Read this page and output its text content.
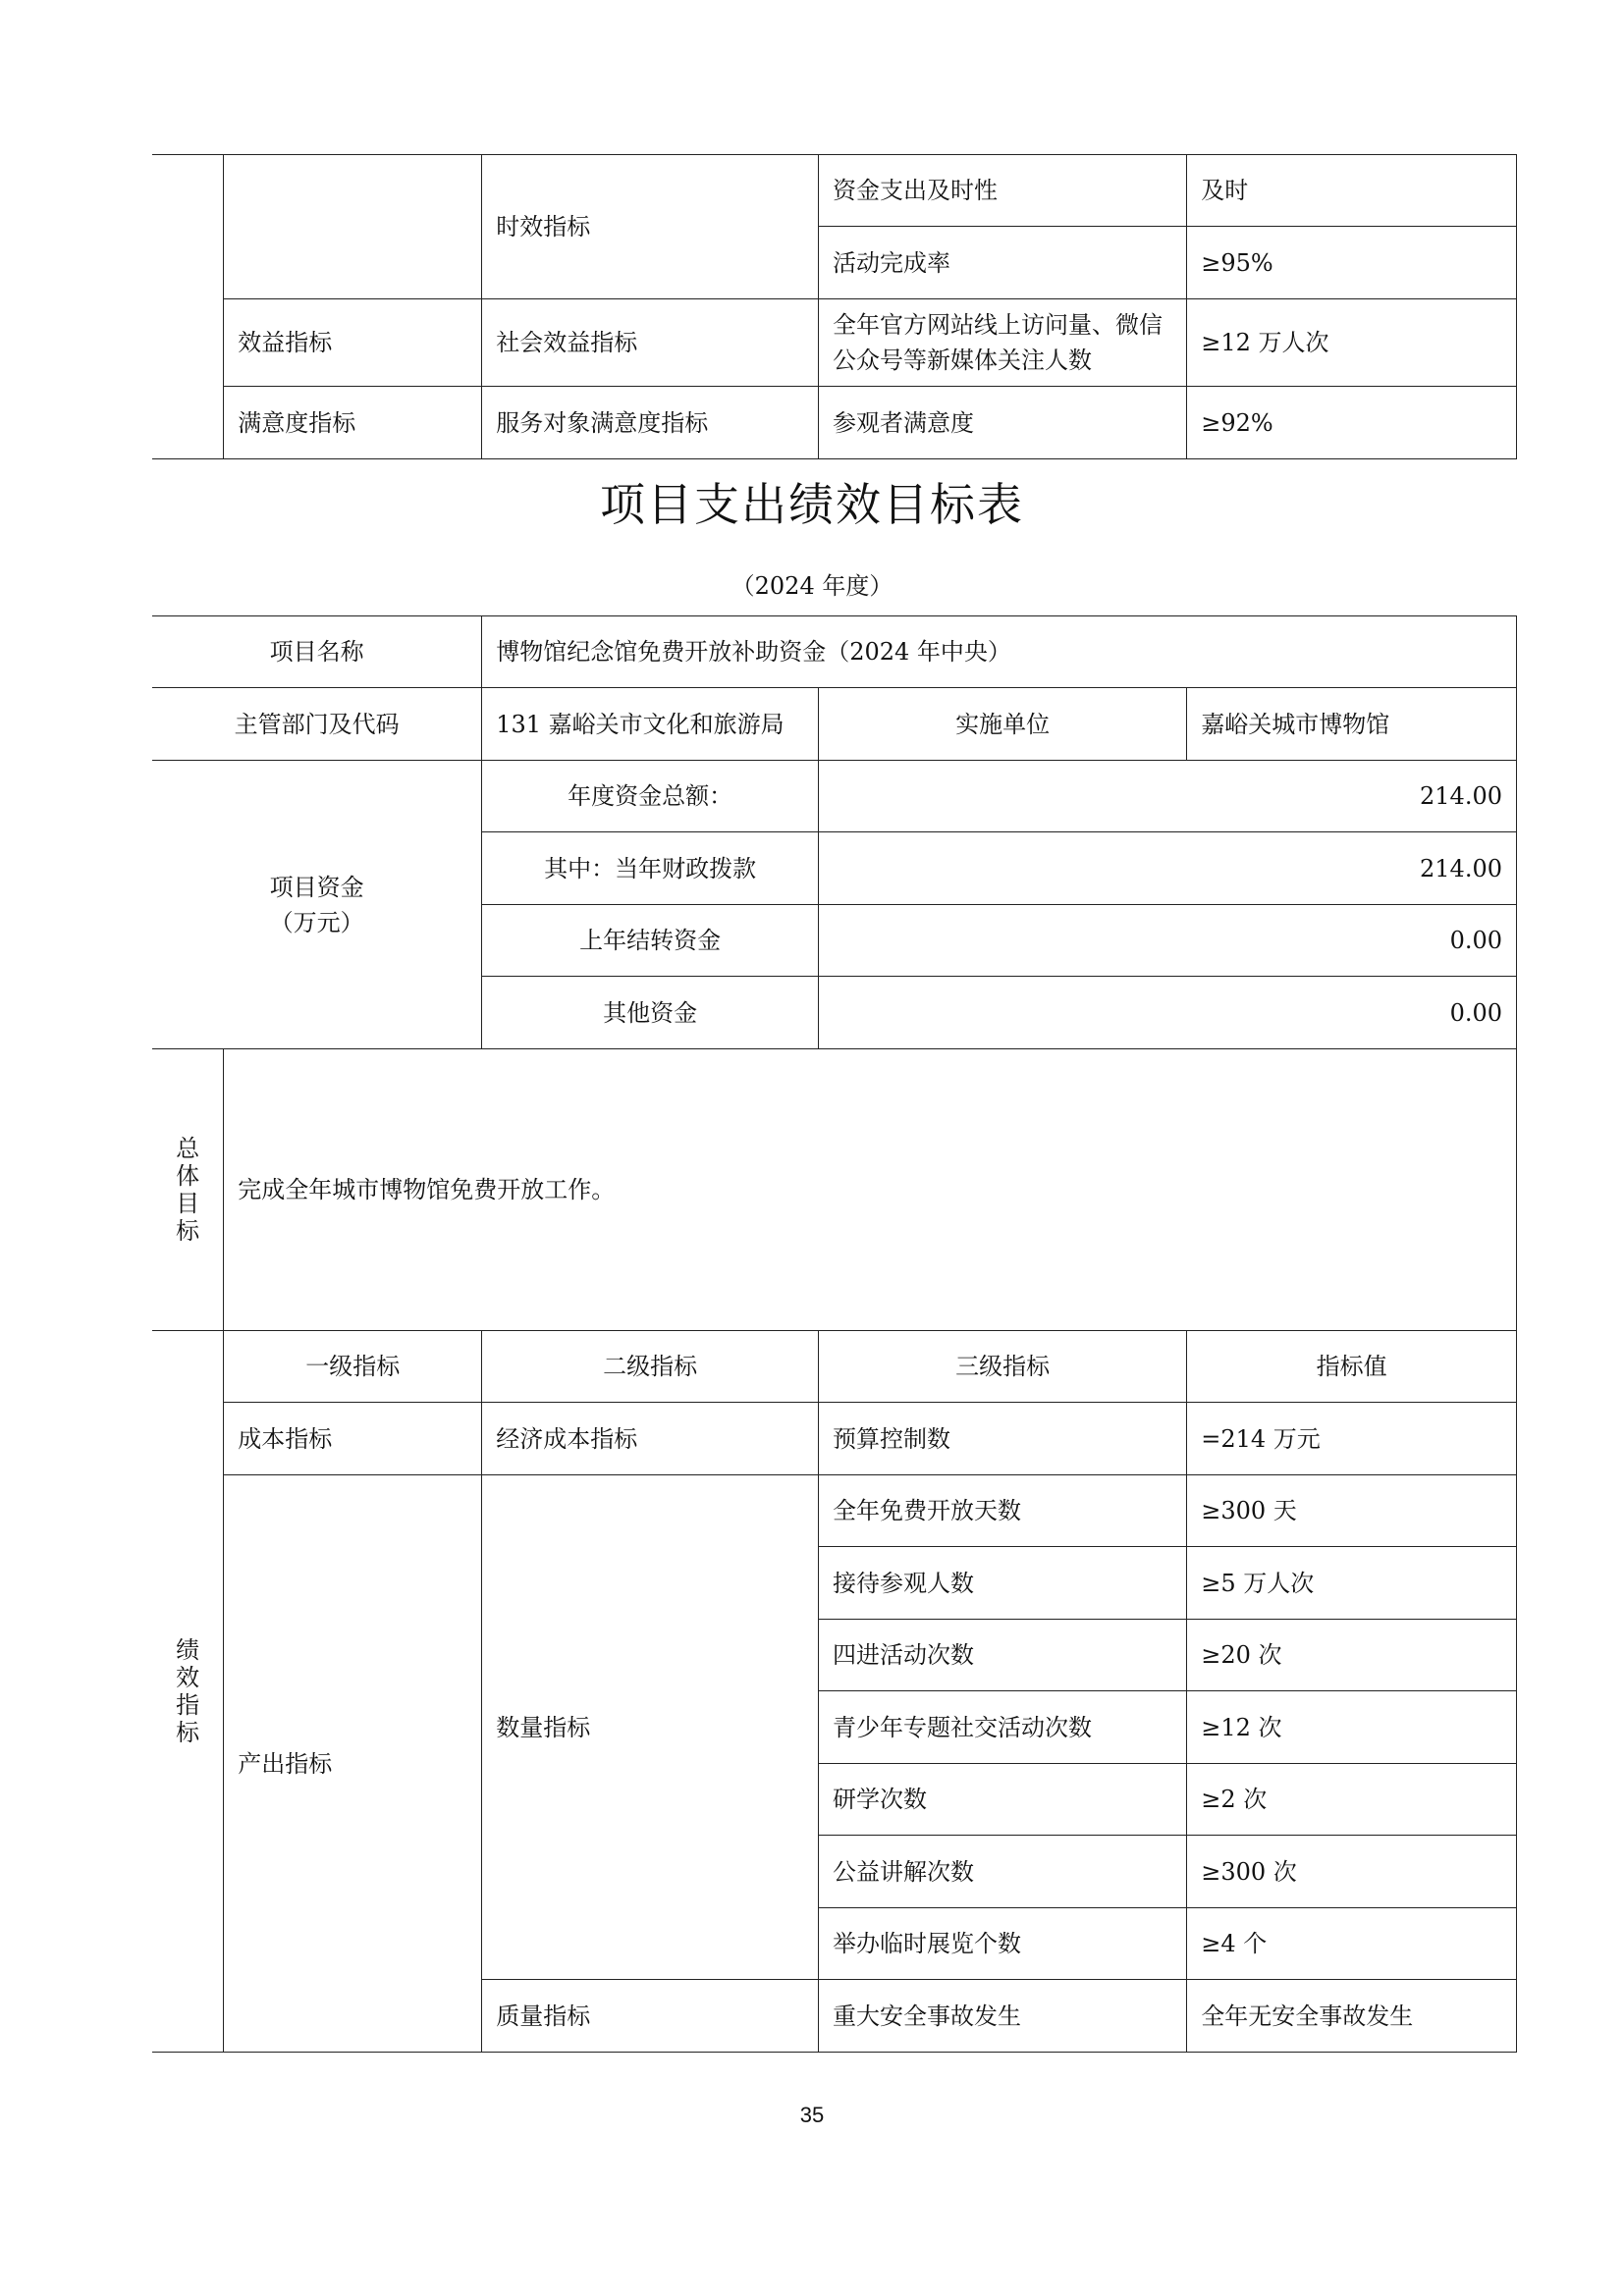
		时效指标	资金支出及时性	及时
			活动完成率	≥95%
	效益指标	社会效益指标	全年官方网站线上访问量、微信公众号等新媒体关注人数	≥12 万人次
	满意度指标	服务对象满意度指标	参观者满意度	≥92%
项目支出绩效目标表
（2024 年度）
项目名称		博物馆纪念馆免费开放补助资金（2024 年中央）		
主管部门及代码		131 嘉峪关市文化和旅游局	实施单位	嘉峪关城市博物馆

项目资金
（万元）		年度资金总额：	214.00	
		其中：当年财政拨款	214.00	
		上年结转资金	0.00	
		其他资金	0.00	

总体目标	完成全年城市博物馆免费开放工作。			

绩效指标	一级指标	二级指标	三级指标	指标值
	成本指标	经济成本指标	预算控制数	=214 万元
	产出指标	数量指标	全年免费开放天数	≥300 天
			接待参观人数	≥5 万人次
			四进活动次数	≥20 次
			青少年专题社交活动次数	≥12 次
			研学次数	≥2 次
			公益讲解次数	≥300 次
			举办临时展览个数	≥4 个
		质量指标	重大安全事故发生	全年无安全事故发生
35
